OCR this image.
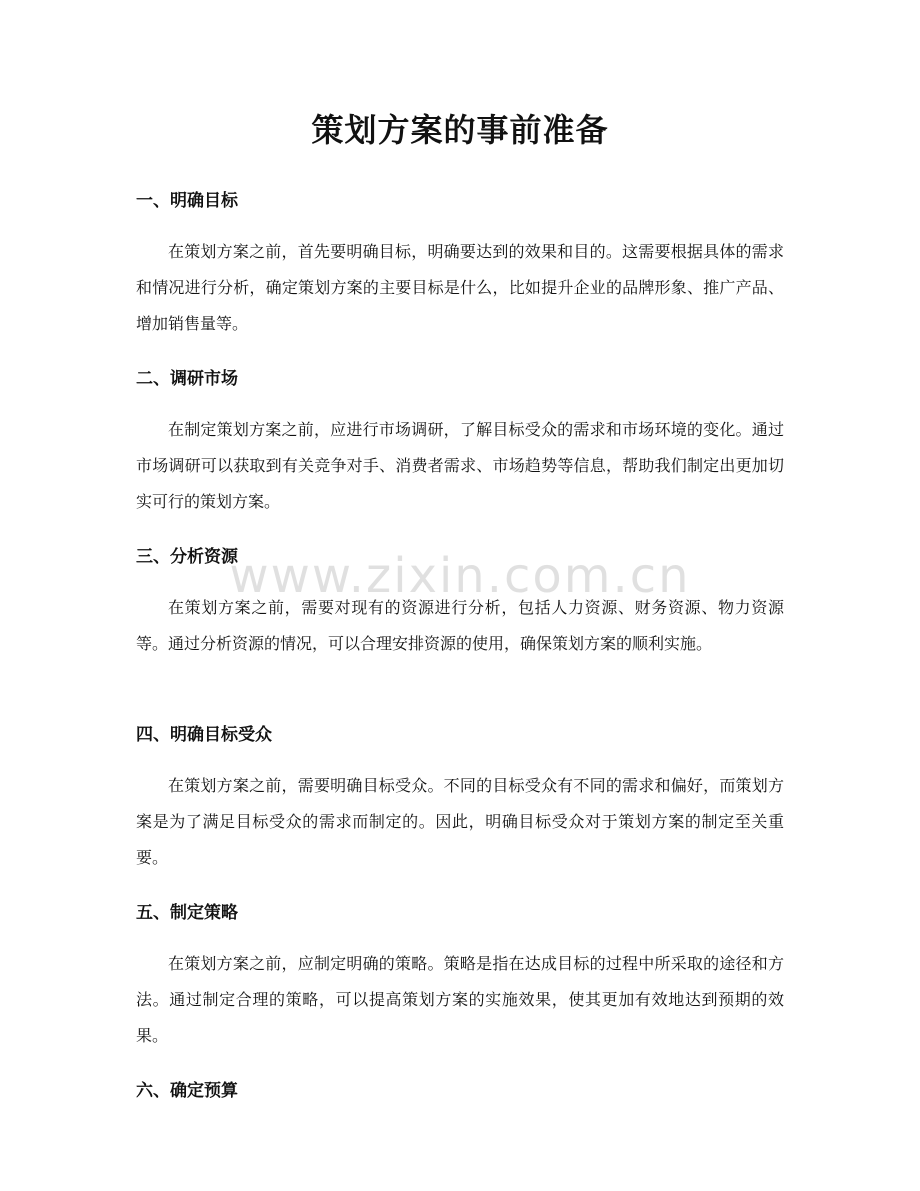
策划方案的事前准备
一、明确目标

在策划方案之前，首先要明确目标，明确要达到的效果和目的。这需要根据具体的需求和情况进行分析，确定策划方案的主要目标是什么，比如提升企业的品牌形象、推广产品、增加销售量等。

二、调研市场

在制定策划方案之前，应进行市场调研，了解目标受众的需求和市场环境的变化。通过市场调研可以获取到有关竞争对手、消费者需求、市场趋势等信息，帮助我们制定出更加切实可行的策划方案。

三、分析资源

在策划方案之前，需要对现有的资源进行分析，包括人力资源、财务资源、物力资源等。通过分析资源的情况，可以合理安排资源的使用，确保策划方案的顺利实施。

四、明确目标受众

在策划方案之前，需要明确目标受众。不同的目标受众有不同的需求和偏好，而策划方案是为了满足目标受众的需求而制定的。因此，明确目标受众对于策划方案的制定至关重要。

五、制定策略

在策划方案之前，应制定明确的策略。策略是指在达成目标的过程中所采取的途径和方法。通过制定合理的策略，可以提高策划方案的实施效果，使其更加有效地达到预期的效果。

六、确定预算
www.zixin.com.cn
